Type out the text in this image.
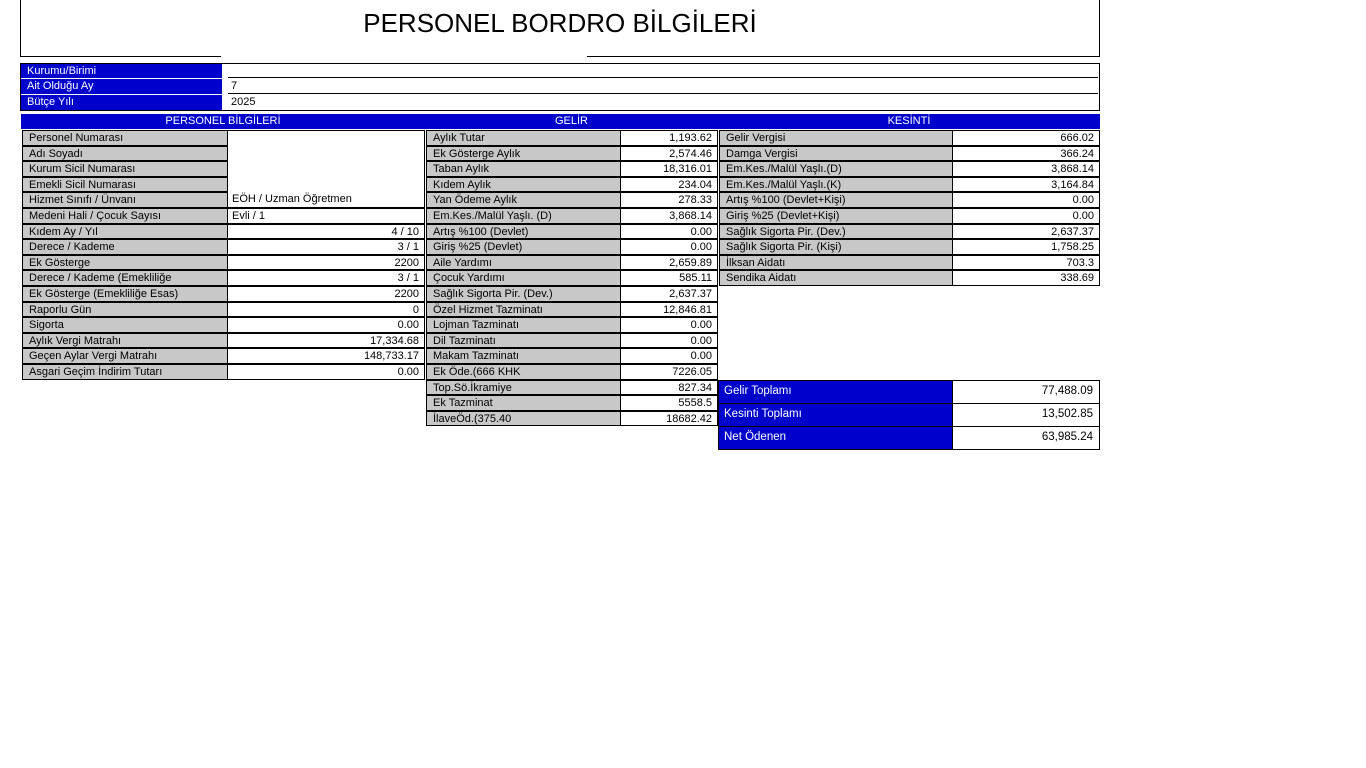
PERSONEL BORDRO BİLGİLERİ
Kurumu/Birimi
Ait Olduğu Ay	7
Bütçe Yılı	2025
PERSONEL BİLGİLERİ	GELİR	KESİNTİ
Personel Numarası
Adı Soyadı
Kurum Sicil Numarası
Emekli Sicil Numarası
Hizmet Sınıfı / Ünvanı	EÖH / Uzman Öğretmen
Medeni Hali / Çocuk Sayısı	Evli / 1
Kıdem Ay / Yıl	4 / 10
Derece / Kademe	3 / 1
Ek Gösterge	2200
Derece / Kademe (Emekliliğe	3 / 1
Ek Gösterge (Emekliliğe Esas)	2200
Raporlu Gün	0
Sigorta	0.00
Aylık Vergi Matrahı	17,334.68
Geçen Aylar Vergi Matrahı	148,733.17
Asgari Geçim İndirim Tutarı	0.00
Aylık Tutar	1,193.62
Ek Gösterge Aylık	2,574.46
Taban Aylık	18,316.01
Kıdem Aylık	234.04
Yan Ödeme Aylık	278.33
Em.Kes./Malül Yaşlı. (D)	3,868.14
Artış %100 (Devlet)	0.00
Giriş %25 (Devlet)	0.00
Aile Yardımı	2,659.89
Çocuk Yardımı	585.11
Sağlık Sigorta Pir. (Dev.)	2,637.37
Özel Hizmet Tazminatı	12,846.81
Lojman Tazminatı	0.00
Dil Tazminatı	0.00
Makam Tazminatı	0.00
Ek Öde.(666 KHK	7226.05
Top.Sö.İkramiye	827.34
Ek Tazminat	5558.5
İlaveÖd.(375.40	18682.42
Gelir Vergisi	666.02
Damga Vergisi	366.24
Em.Kes./Malül Yaşlı.(D)	3,868.14
Em.Kes./Malül Yaşlı.(K)	3,164.84
Artış %100 (Devlet+Kişi)	0.00
Giriş %25 (Devlet+Kişi)	0.00
Sağlık Sigorta Pir. (Dev.)	2,637.37
Sağlık Sigorta Pir. (Kişi)	1,758.25
İlksan Aidatı	703.3
Sendika Aidatı	338.69
Gelir Toplamı	77,488.09
Kesinti Toplamı	13,502.85
Net Ödenen	63,985.24
